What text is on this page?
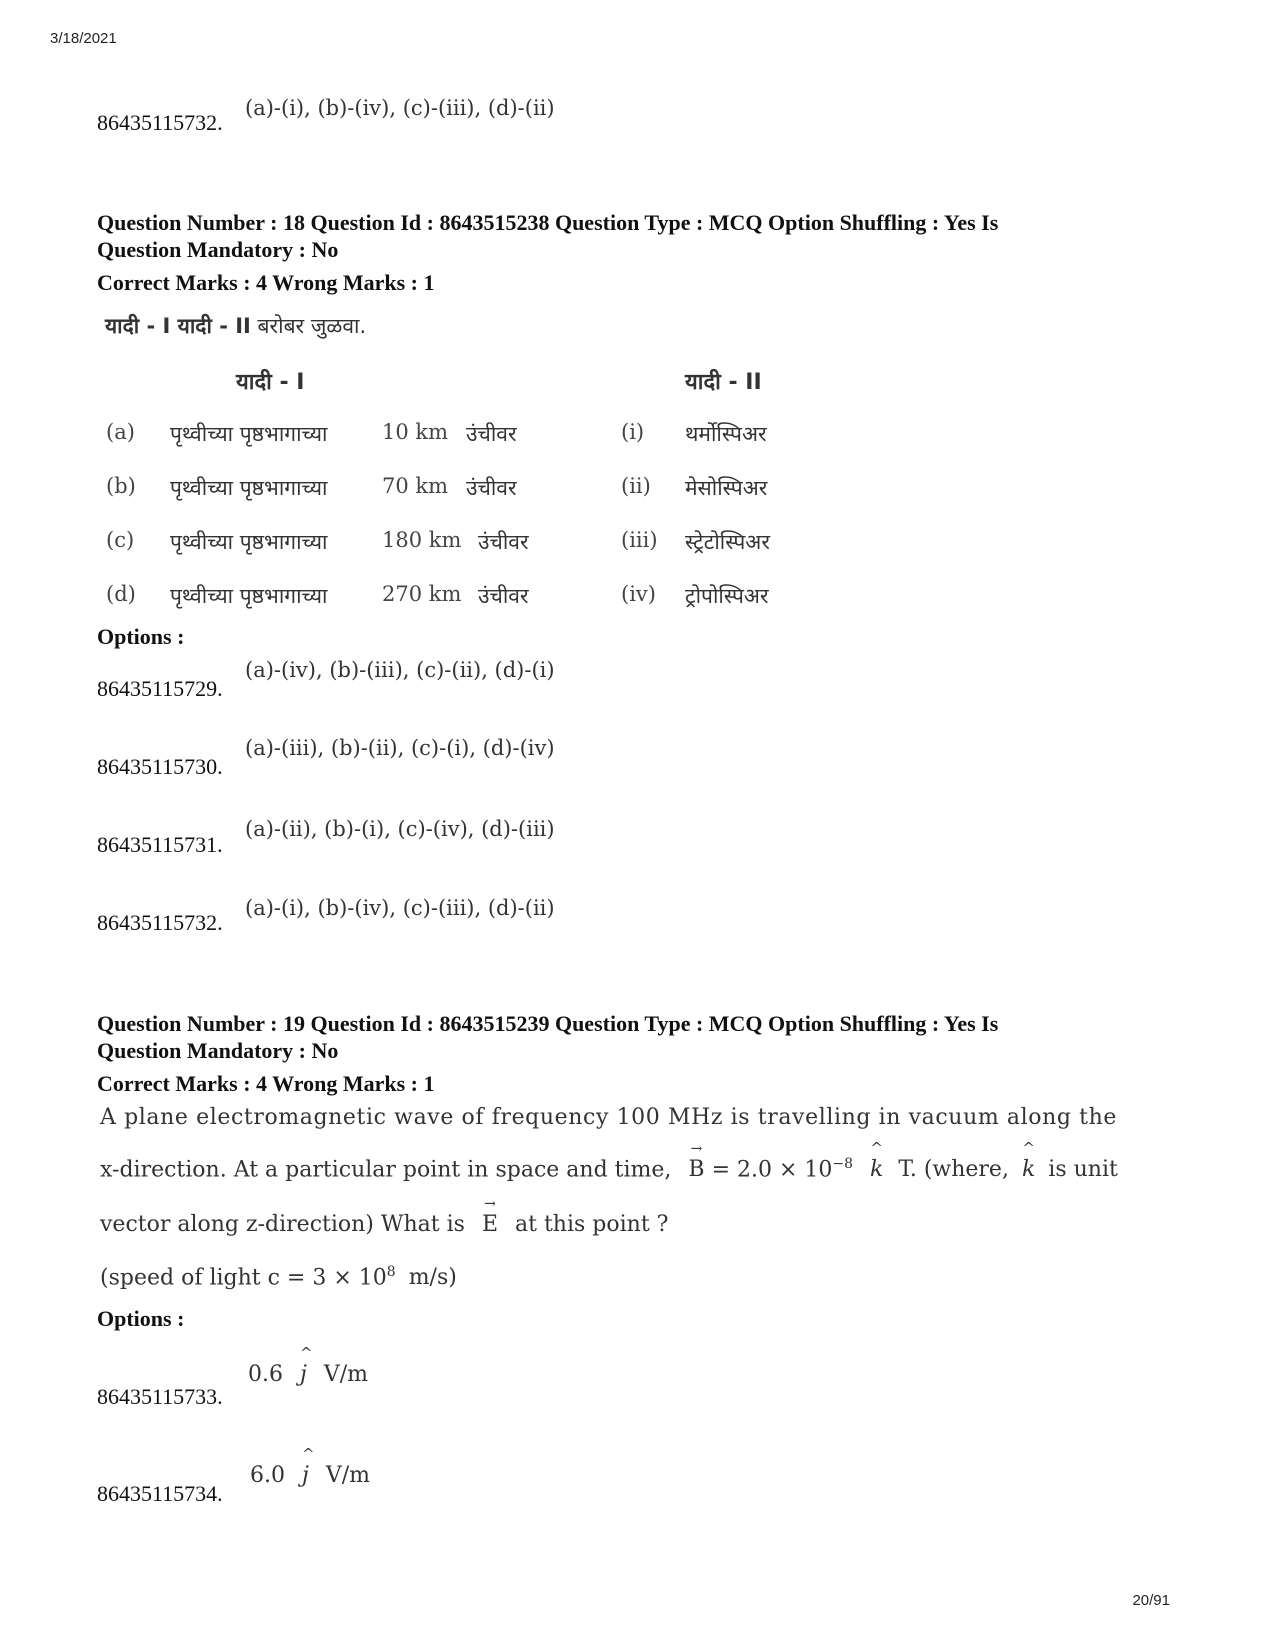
3/18/2021
86435115732.
(a)-(i), (b)-(iv), (c)-(iii), (d)-(ii)
Question Number : 18 Question Id : 8643515238 Question Type : MCQ Option Shuffling : Yes Is
Question Mandatory : No
Correct Marks : 4 Wrong Marks : 1
यादी - I यादी - II बरोबर जुळवा.
यादी - I	यादी - II
(a) पृथ्वीच्या पृष्ठभागाच्या	10 km उंचीवर	(i) थर्मोस्पिअर
(b) पृथ्वीच्या पृष्ठभागाच्या	70 km उंचीवर	(ii) मेसोस्पिअर
(c) पृथ्वीच्या पृष्ठभागाच्या	180 km उंचीवर	(iii) स्ट्रेटोस्पिअर
(d) पृथ्वीच्या पृष्ठभागाच्या	270 km उंचीवर	(iv) ट्रोपोस्पिअर
Options :
86435115729.
(a)-(iv), (b)-(iii), (c)-(ii), (d)-(i)
86435115730.
(a)-(iii), (b)-(ii), (c)-(i), (d)-(iv)
86435115731.
(a)-(ii), (b)-(i), (c)-(iv), (d)-(iii)
86435115732.
(a)-(i), (b)-(iv), (c)-(iii), (d)-(ii)
Question Number : 19 Question Id : 8643515239 Question Type : MCQ Option Shuffling : Yes Is
Question Mandatory : No
Correct Marks : 4 Wrong Marks : 1
A plane electromagnetic wave of frequency 100 MHz is travelling in vacuum along the
x-direction. At a particular point in space and time,
→
$B = 2.0 \times 10^{-8}$
^
k T. (where,
^
k is unit
vector along z-direction) What is
→
E at this point ?
(speed of light $c = 3 \times 10^8$ m/s)
Options :
86435115733.
0.6
^
j V/m
86435115734.
6.0
^
j V/m
20/91
